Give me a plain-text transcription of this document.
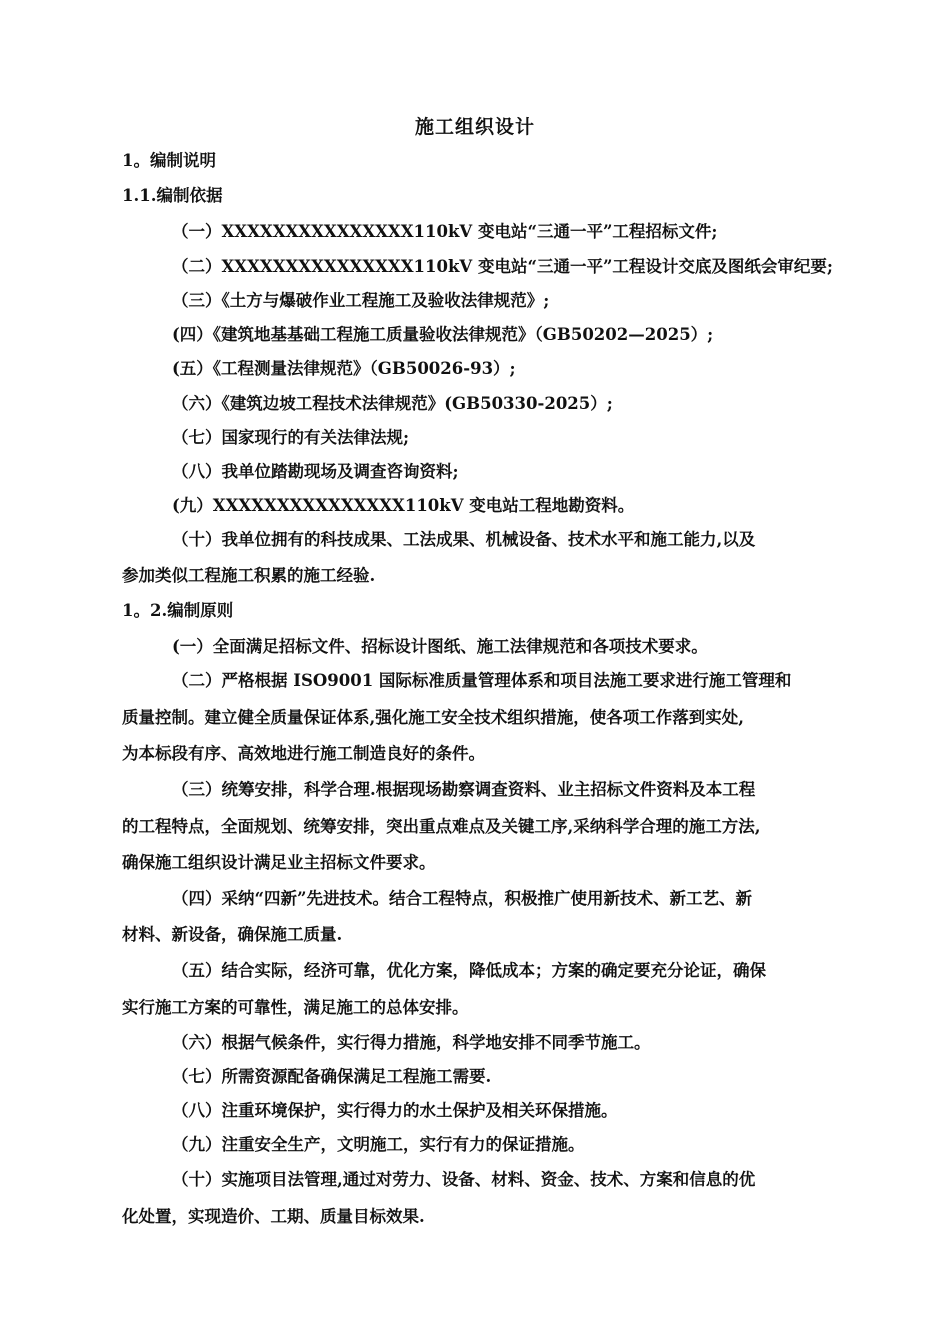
施工组织设计
1。编制说明
1.1.编制依据
（一）XXXXXXXXXXXXXXX110kV 变电站“三通一平”工程招标文件;
（二）XXXXXXXXXXXXXXX110kV 变电站“三通一平”工程设计交底及图纸会审纪要;
（三）《土方与爆破作业工程施工及验收法律规范》;
(四）《建筑地基基础工程施工质量验收法律规范》（GB50202—2025）;
(五）《工程测量法律规范》（GB50026-93）;
（六）《建筑边坡工程技术法律规范》(GB50330-2025）;
（七）国家现行的有关法律法规;
（八）我单位踏勘现场及调查咨询资料;
(九）XXXXXXXXXXXXXXX110kV 变电站工程地勘资料。
（十）我单位拥有的科技成果、工法成果、机械设备、技术水平和施工能力,以及
参加类似工程施工积累的施工经验.
1。2.编制原则
(一）全面满足招标文件、招标设计图纸、施工法律规范和各项技术要求。
（二）严格根据 ISO9001 国际标准质量管理体系和项目法施工要求进行施工管理和
质量控制。建立健全质量保证体系,强化施工安全技术组织措施，使各项工作落到实处,
为本标段有序、高效地进行施工制造良好的条件。
（三）统筹安排，科学合理.根据现场勘察调查资料、业主招标文件资料及本工程
的工程特点，全面规划、统筹安排，突出重点难点及关键工序,采纳科学合理的施工方法,
确保施工组织设计满足业主招标文件要求。
（四）采纳“四新”先进技术。结合工程特点，积极推广使用新技术、新工艺、新
材料、新设备，确保施工质量.
（五）结合实际，经济可靠，优化方案，降低成本；方案的确定要充分论证，确保
实行施工方案的可靠性，满足施工的总体安排。
（六）根据气候条件，实行得力措施，科学地安排不同季节施工。
（七）所需资源配备确保满足工程施工需要.
（八）注重环境保护，实行得力的水土保护及相关环保措施。
（九）注重安全生产，文明施工，实行有力的保证措施。
（十）实施项目法管理,通过对劳力、设备、材料、资金、技术、方案和信息的优
化处置，实现造价、工期、质量目标效果.
